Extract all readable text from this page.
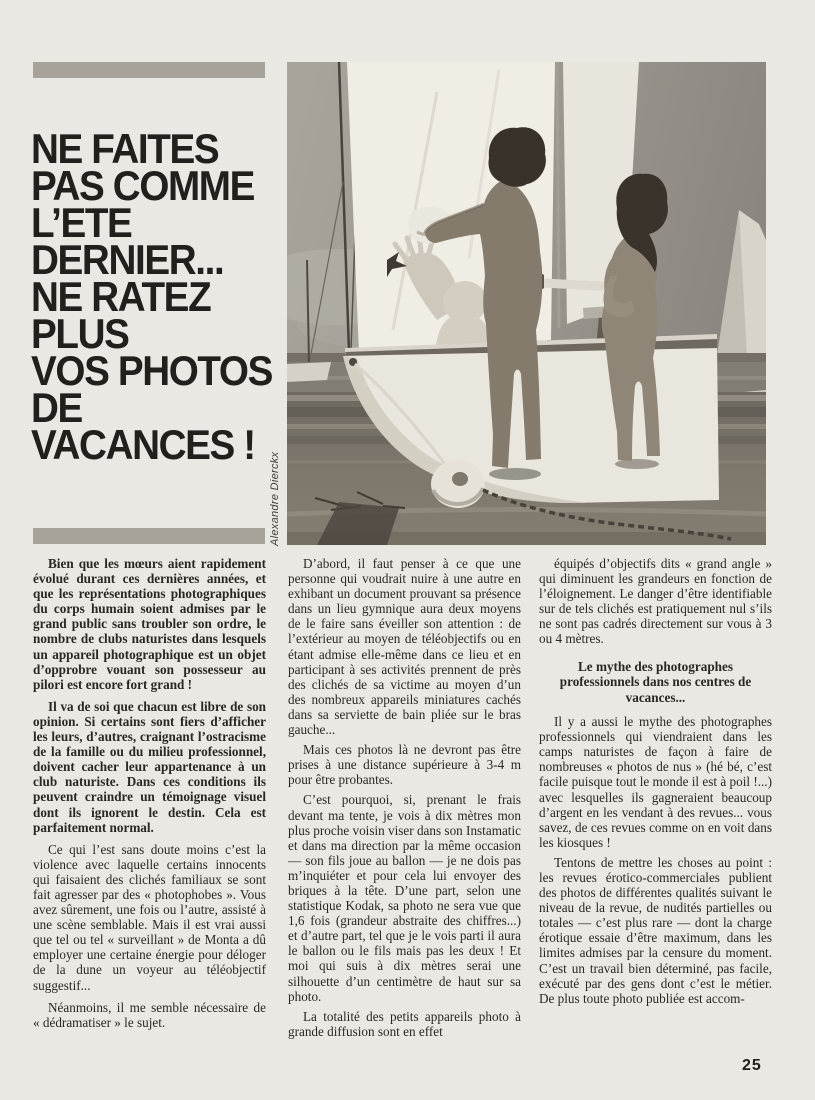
NE FAITES
PAS COMME
L’ETE
DERNIER...
NE RATEZ
PLUS
VOS PHOTOS
DE
VACANCES !
Alexandre Dierckx

Bien que les mœurs aient rapidement évolué durant ces dernières années, et que les représentations photographiques du corps humain soient admises par le grand public sans troubler son ordre, le nombre de clubs naturistes dans lesquels un appareil photographique est un objet d’opprobre vouant son possesseur au pilori est encore fort grand !

Il va de soi que chacun est libre de son opinion. Si certains sont fiers d’afficher les leurs, d’autres, craignant l’ostracisme de la famille ou du milieu professionnel, doivent cacher leur appartenance à un club naturiste. Dans ces conditions ils peuvent craindre un témoignage visuel dont ils ignorent le destin. Cela est parfaitement normal.

Ce qui l’est sans doute moins c’est la violence avec laquelle certains innocents qui faisaient des clichés familiaux se sont fait agresser par des « photophobes ». Vous avez sûrement, une fois ou l’autre, assisté à une scène semblable. Mais il est vrai aussi que tel ou tel « surveillant » de Monta a dû employer une certaine énergie pour déloger de la dune un voyeur au téléobjectif suggestif...

Néanmoins, il me semble nécessaire de « dédramatiser » le sujet.

D’abord, il faut penser à ce que une personne qui voudrait nuire à une autre en exhibant un document prouvant sa présence dans un lieu gymnique aura deux moyens de le faire sans éveiller son attention : de l’extérieur au moyen de téléobjectifs ou en étant admise elle-même dans ce lieu et en participant à ses activités prennent de près des clichés de sa victime au moyen d’un des nombreux appareils miniatures cachés dans sa serviette de bain pliée sur le bras gauche...

Mais ces photos là ne devront pas être prises à une distance supérieure à 3-4 m pour être probantes.

C’est pourquoi, si, prenant le frais devant ma tente, je vois à dix mètres mon plus proche voisin viser dans son Instamatic et dans ma direction par la même occasion — son fils joue au ballon — je ne dois pas m’inquiéter et pour cela lui envoyer des briques à la tête. D’une part, selon une statistique Kodak, sa photo ne sera vue que 1,6 fois (grandeur abstraite des chiffres...) et d’autre part, tel que je le vois parti il aura le ballon ou le fils mais pas les deux ! Et moi qui suis à dix mètres serai une silhouette d’un centimètre de haut sur sa photo.

La totalité des petits appareils photo à grande diffusion sont en effet

équipés d’objectifs dits « grand angle » qui diminuent les grandeurs en fonction de l’éloignement. Le danger d’être identifiable sur de tels clichés est pratiquement nul s’ils ne sont pas cadrés directement sur vous à 3 ou 4 mètres.

Le mythe des photographes professionnels dans nos centres de vacances...

Il y a aussi le mythe des photographes professionnels qui viendraient dans les camps naturistes de façon à faire de nombreuses « photos de nus » (hé bé, c’est facile puisque tout le monde il est à poil !...) avec lesquelles ils gagneraient beaucoup d’argent en les vendant à des revues... vous savez, de ces revues comme on en voit dans les kiosques !

Tentons de mettre les choses au point : les revues érotico-commerciales publient des photos de différentes qualités suivant le niveau de la revue, de nudités partielles ou totales — c’est plus rare — dont la charge érotique essaie d’être maximum, dans les limites admises par la censure du moment. C’est un travail bien déterminé, pas facile, exécuté par des gens dont c’est le métier. De plus toute photo publiée est accom-

25
